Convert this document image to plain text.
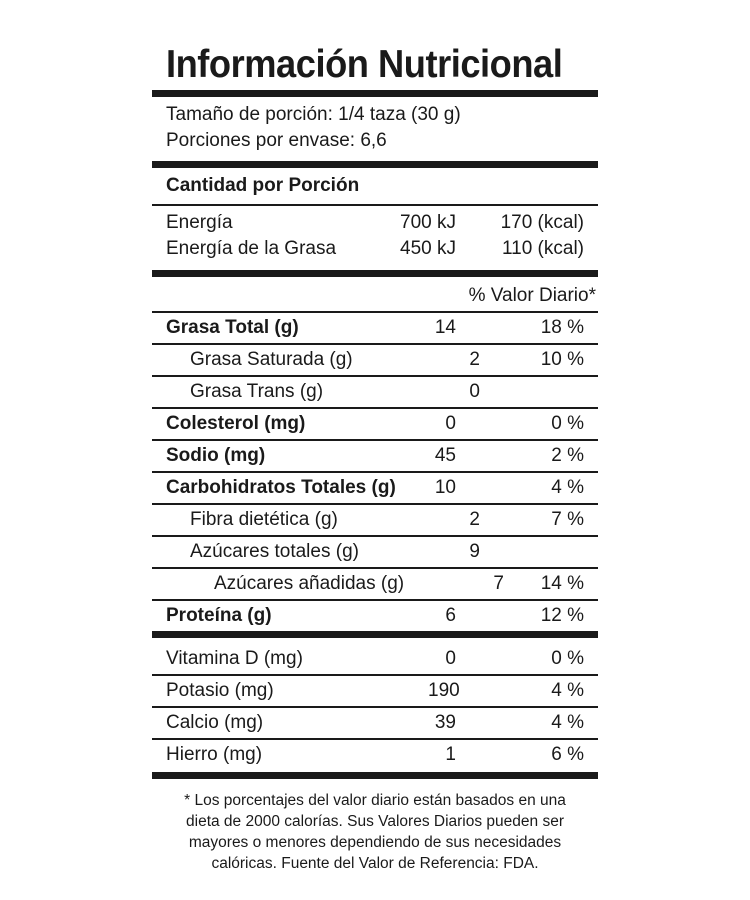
Información Nutricional
Tamaño de porción: 1/4 taza (30 g)
Porciones por envase: 6,6
Cantidad por Porción
Energía	700 kJ	170 (kcal)
Energía de la Grasa	450 kJ	110 (kcal)
% Valor Diario*
Grasa Total (g)	14	18 %
Grasa Saturada (g)	2	10 %
Grasa Trans (g)	0
Colesterol (mg)	0	0 %
Sodio (mg)	45	2 %
Carbohidratos Totales (g)	10	4 %
Fibra dietética (g)	2	7 %
Azúcares totales (g)	9
Azúcares añadidas (g)	7	14 %
Proteína (g)	6	12 %
Vitamina D (mg)	0	0 %
Potasio (mg)	190	4 %
Calcio (mg)	39	4 %
Hierro (mg)	1	6 %
* Los porcentajes del valor diario están basados en una
dieta de 2000 calorías. Sus Valores Diarios pueden ser
mayores o menores dependiendo de sus necesidades
calóricas. Fuente del Valor de Referencia: FDA.
